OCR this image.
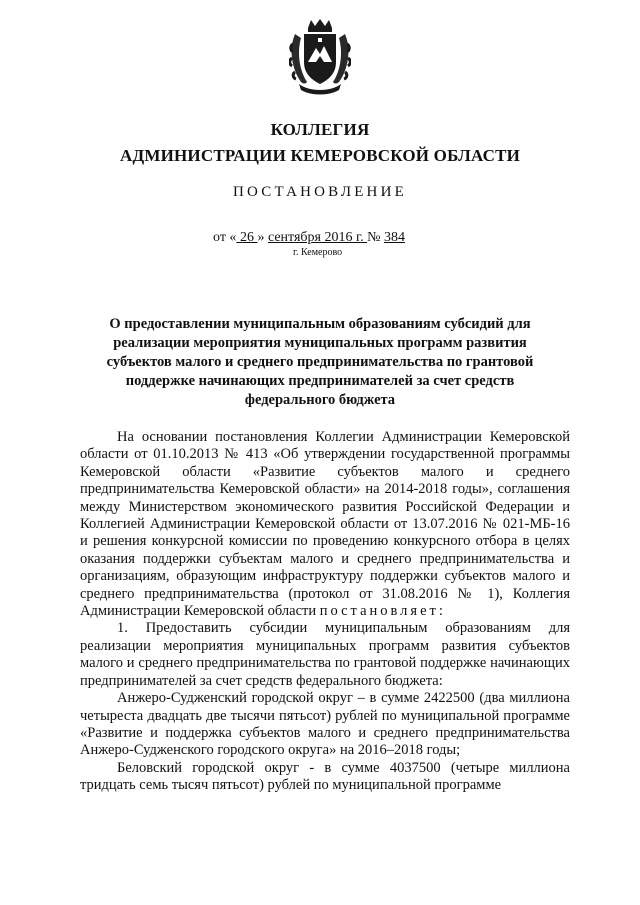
КОЛЛЕГИЯ
АДМИНИСТРАЦИИ КЕМЕРОВСКОЙ ОБЛАСТИ
ПОСТАНОВЛЕНИЕ
от « 26 » сентября 2016 г. № 384
г. Кемерово
О предоставлении муниципальным образованиям субсидий для реализации мероприятия муниципальных программ развития субъектов малого и среднего предпринимательства по грантовой поддержке начинающих предпринимателей за счет средств федерального бюджета

На основании постановления Коллегии Администрации Кемеровской области от 01.10.2013 № 413 «Об утверждении государственной программы Кемеровской области «Развитие субъектов малого и среднего предпринимательства Кемеровской области» на 2014-2018 годы», соглашения между Министерством экономического развития Российской Федерации и Коллегией Администрации Кемеровской области от 13.07.2016 № 021-МБ-16 и решения конкурсной комиссии по проведению конкурсного отбора в целях оказания поддержки субъектам малого и среднего предпринимательства и организациям, образующим инфраструктуру поддержки субъектов малого и среднего предпринимательства (протокол от 31.08.2016 № 1), Коллегия Администрации Кемеровской области постановляет:

1. Предоставить субсидии муниципальным образованиям для реализации мероприятия муниципальных программ развития субъектов малого и среднего предпринимательства по грантовой поддержке начинающих предпринимателей за счет средств федерального бюджета:

Анжеро-Судженский городской округ – в сумме 2422500 (два миллиона четыреста двадцать две тысячи пятьсот) рублей по муниципальной программе «Развитие и поддержка субъектов малого и среднего предпринимательства Анжеро-Судженского городского округа» на 2016–2018 годы;

Беловский городской округ - в сумме 4037500 (четыре миллиона тридцать семь тысяч пятьсот) рублей по муниципальной программе
